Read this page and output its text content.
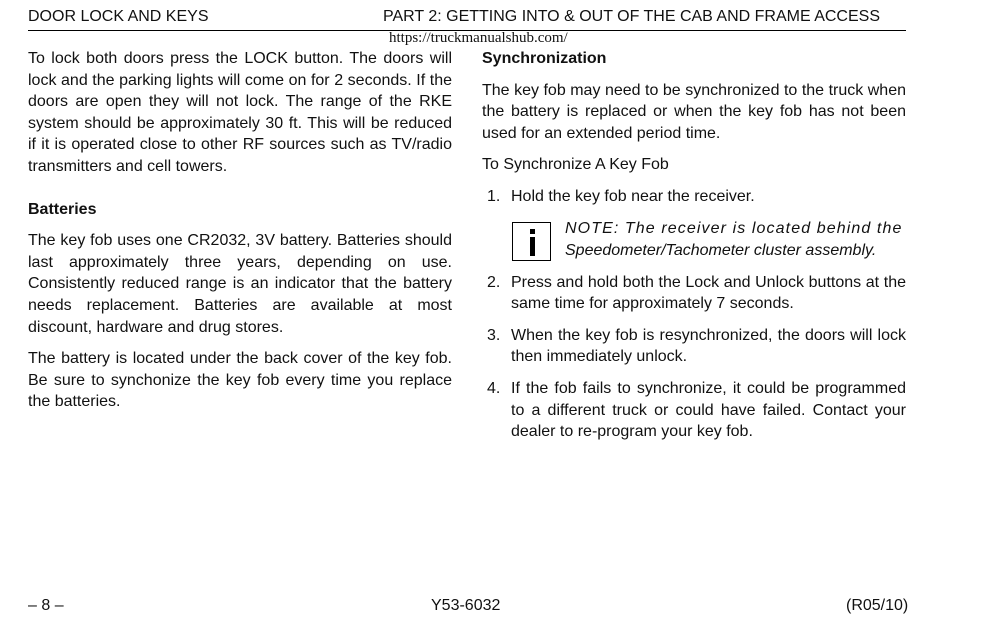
DOOR LOCK AND KEYS	PART 2: GETTING INTO & OUT OF THE CAB AND FRAME ACCESS
https://truckmanualshub.com/

To lock both doors press the LOCK button. The doors will lock and the parking lights will come on for 2 seconds. If the doors are open they will not lock. The range of the RKE system should be approximately 30 ft. This will be reduced if it is operated close to other RF sources such as TV/radio transmitters and cell towers.

Batteries

The key fob uses one CR2032, 3V battery. Batteries should last approximately three years, depending on use. Consistently reduced range is an indicator that the battery needs replacement. Batteries are available at most discount, hardware and drug stores.

The battery is located under the back cover of the key fob. Be sure to synchonize the key fob every time you replace the batteries.

Synchronization

The key fob may need to be synchronized to the truck when the battery is replaced or when the key fob has not been used for an extended period time.

To Synchronize A Key Fob

1. Hold the key fob near the receiver.
NOTE: The receiver is located behind the
Speedometer/Tachometer cluster assembly.
2. Press and hold both the Lock and Unlock buttons at the same time for approximately 7 seconds.
3. When the key fob is resynchronized, the doors will lock then immediately unlock.
4. If the fob fails to synchronize, it could be programmed to a different truck or could have failed. Contact your dealer to re-program your key fob.
– 8 –	Y53-6032	(R05/10)
